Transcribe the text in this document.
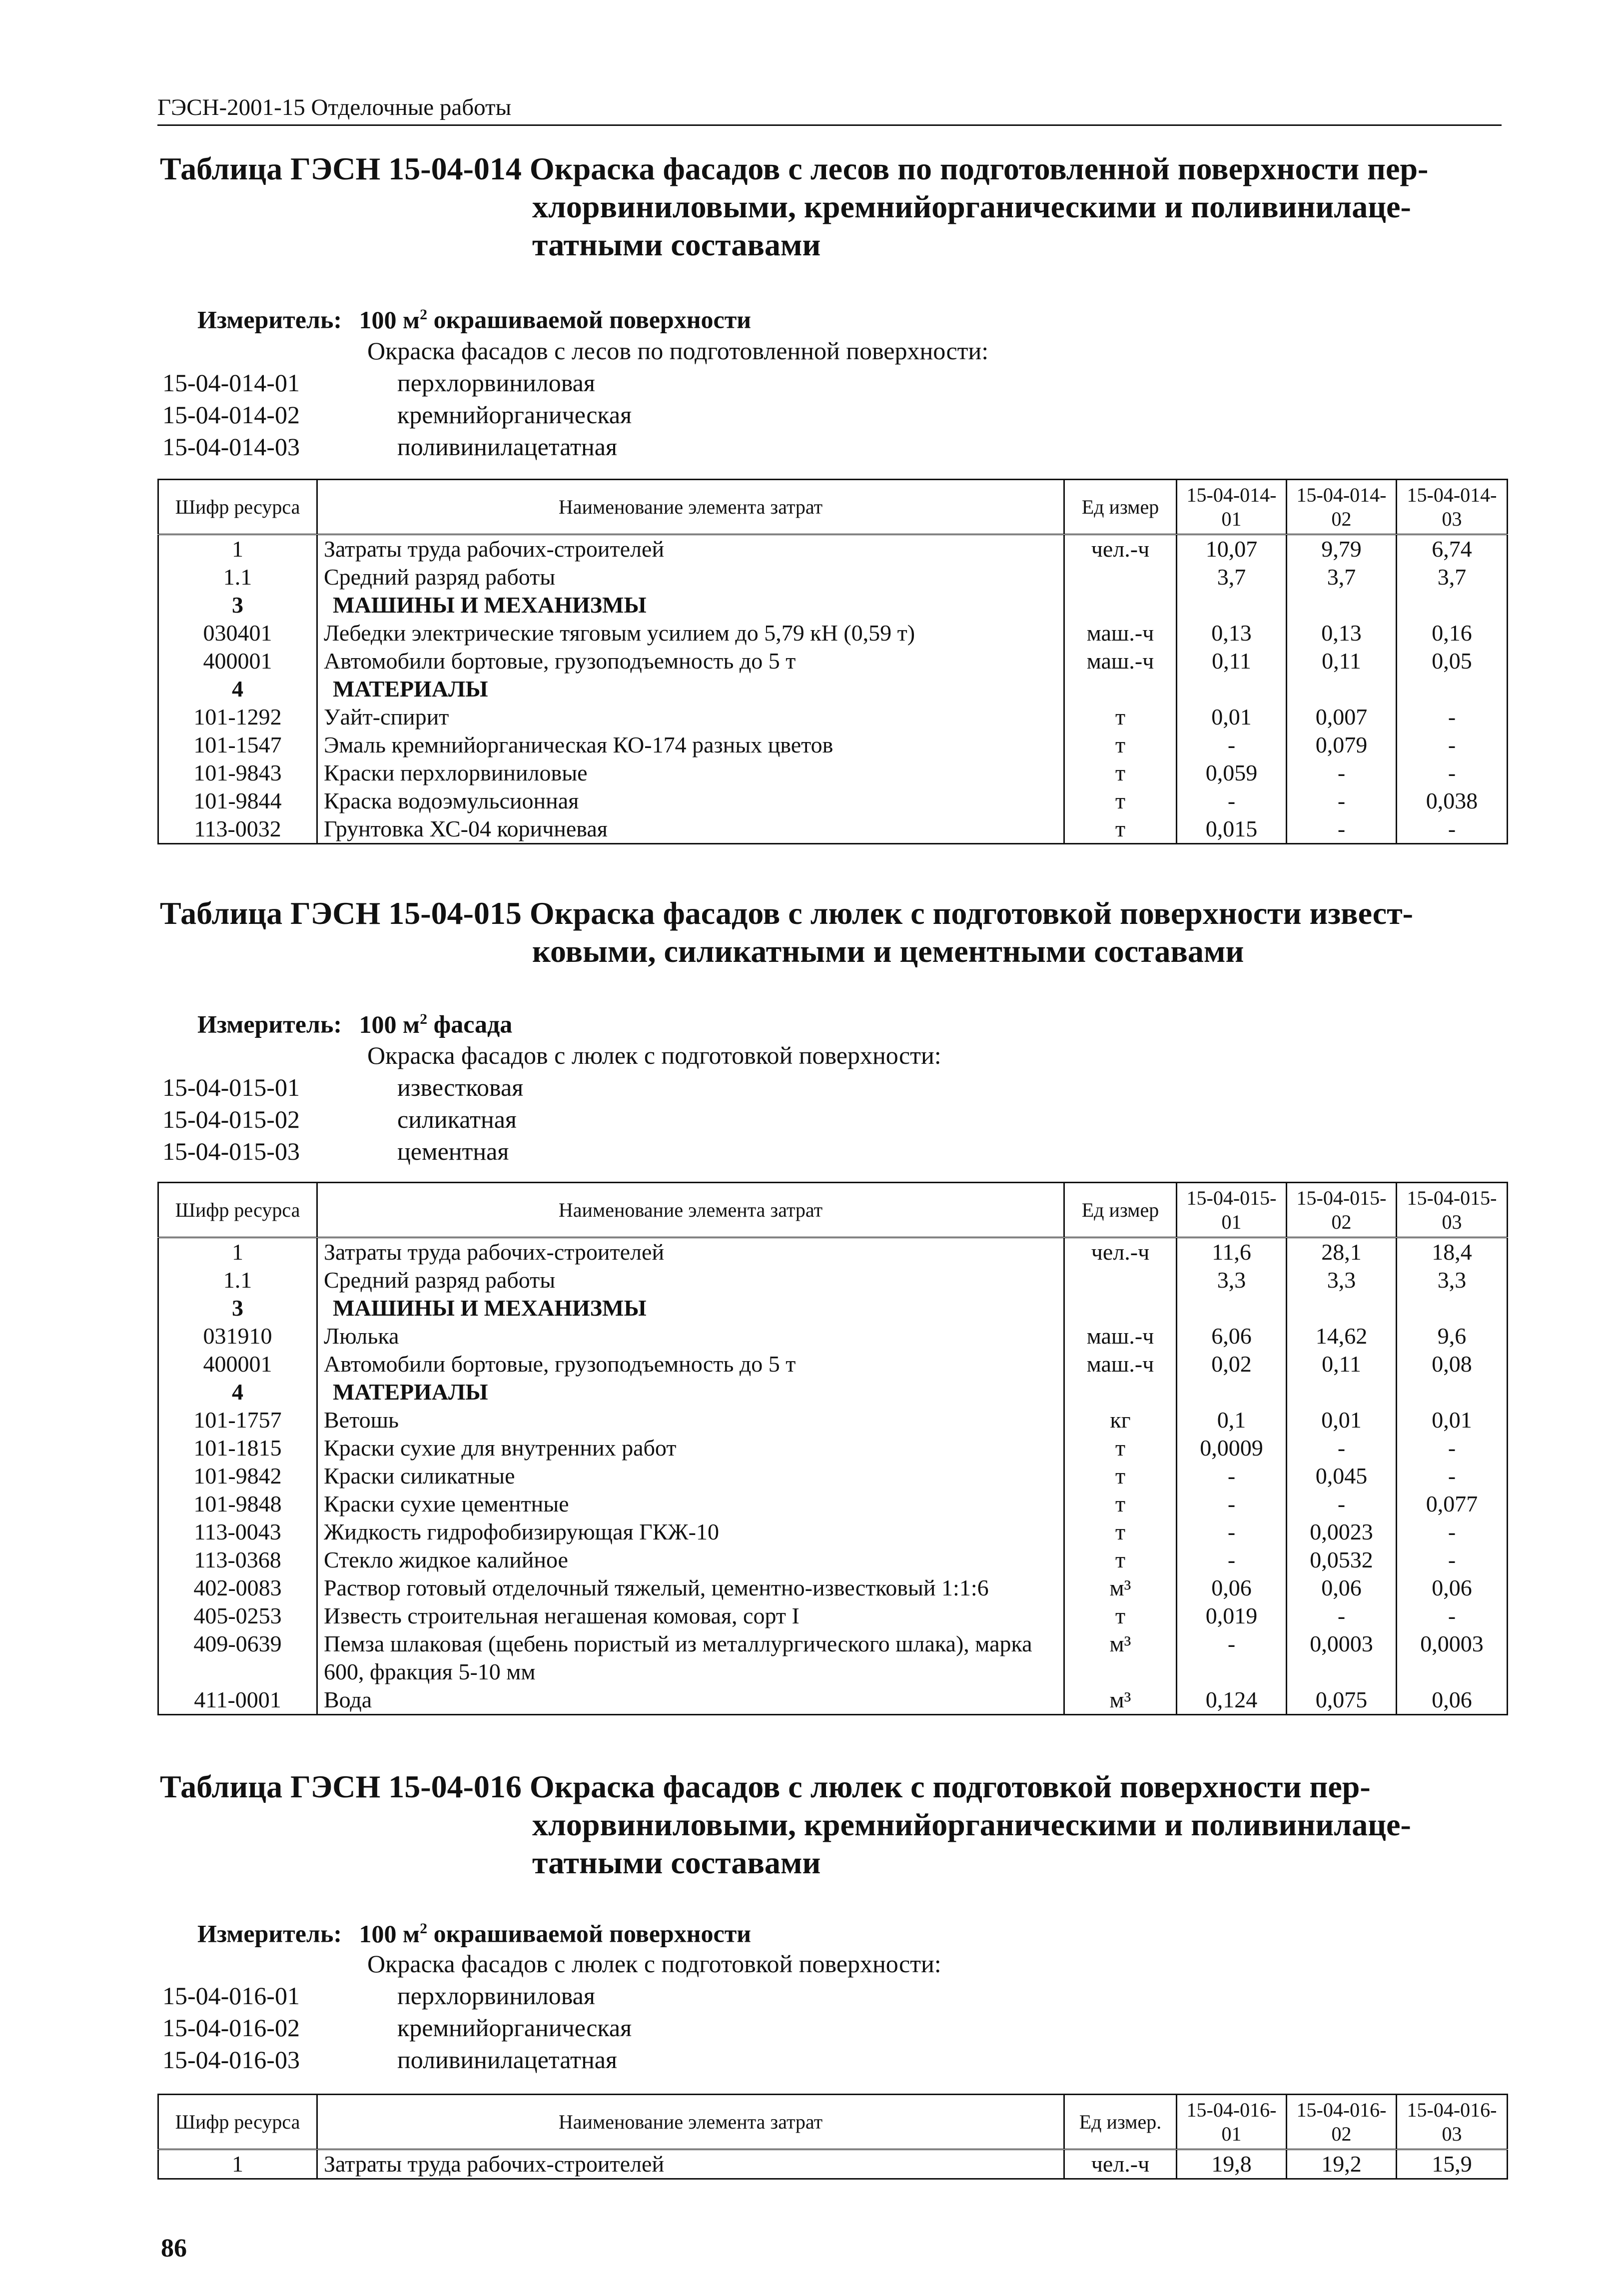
ГЭСН-2001-15 Отделочные работы
Таблица ГЭСН 15-04-014 Окраска фасадов с лесов по подготовленной поверхности пер-
хлорвиниловыми, кремнийорганическими и поливинилаце-
татными составами
Измеритель: 100 $м^2$ окрашиваемой поверхности
Окраска фасадов с лесов по подготовленной поверхности:
15-04-014-01	перхлорвиниловая
15-04-014-02	кремнийорганическая
15-04-014-03	поливинилацетатная
Шифр ресурса	Наименование элемента затрат	Ед измер	15-04-014-01	15-04-014-02	15-04-014-03
1	Затраты труда рабочих-строителей	чел.-ч	10,07	9,79	6,74
1.1	Средний разряд работы		3,7	3,7	3,7
3	МАШИНЫ И МЕХАНИЗМЫ				
030401	Лебедки электрические тяговым усилием до 5,79 кН (0,59 т)	маш.-ч	0,13	0,13	0,16
400001	Автомобили бортовые, грузоподъемность до 5 т	маш.-ч	0,11	0,11	0,05
4	МАТЕРИАЛЫ				
101-1292	Уайт-спирит	т	0,01	0,007	-
101-1547	Эмаль кремнийорганическая КО-174 разных цветов	т	-	0,079	-
101-9843	Краски перхлорвиниловые	т	0,059	-	-
101-9844	Краска водоэмульсионная	т	-	-	0,038
113-0032	Грунтовка ХС-04 коричневая	т	0,015	-	-
Таблица ГЭСН 15-04-015 Окраска фасадов с люлек с подготовкой поверхности извест-
ковыми, силикатными и цементными составами
Измеритель: 100 $м^2$ фасада
Окраска фасадов с люлек с подготовкой поверхности:
15-04-015-01	известковая
15-04-015-02	силикатная
15-04-015-03	цементная
Шифр ресурса	Наименование элемента затрат	Ед измер	15-04-015-01	15-04-015-02	15-04-015-03
1	Затраты труда рабочих-строителей	чел.-ч	11,6	28,1	18,4
1.1	Средний разряд работы		3,3	3,3	3,3
3	МАШИНЫ И МЕХАНИЗМЫ				
031910	Люлька	маш.-ч	6,06	14,62	9,6
400001	Автомобили бортовые, грузоподъемность до 5 т	маш.-ч	0,02	0,11	0,08
4	МАТЕРИАЛЫ				
101-1757	Ветошь	кг	0,1	0,01	0,01
101-1815	Краски сухие для внутренних работ	т	0,0009	-	-
101-9842	Краски силикатные	т	-	0,045	-
101-9848	Краски сухие цементные	т	-	-	0,077
113-0043	Жидкость гидрофобизирующая ГКЖ-10	т	-	0,0023	-
113-0368	Стекло жидкое калийное	т	-	0,0532	-
402-0083	Раствор готовый отделочный тяжелый, цементно-известковый 1:1:6	м³	0,06	0,06	0,06
405-0253	Известь строительная негашеная комовая, сорт I	т	0,019	-	-
409-0639	Пемза шлаковая (щебень пористый из металлургического шлака), марка 600, фракция 5-10 мм	м³	-	0,0003	0,0003
411-0001	Вода	м³	0,124	0,075	0,06
Таблица ГЭСН 15-04-016 Окраска фасадов с люлек с подготовкой поверхности пер-
хлорвиниловыми, кремнийорганическими и поливинилаце-
татными составами
Измеритель: 100 $м^2$ окрашиваемой поверхности
Окраска фасадов с люлек с подготовкой поверхности:
15-04-016-01	перхлорвиниловая
15-04-016-02	кремнийорганическая
15-04-016-03	поливинилацетатная
Шифр ресурса	Наименование элемента затрат	Ед измер.	15-04-016-01	15-04-016-02	15-04-016-03
1	Затраты труда рабочих-строителей	чел.-ч	19,8	19,2	15,9
86
